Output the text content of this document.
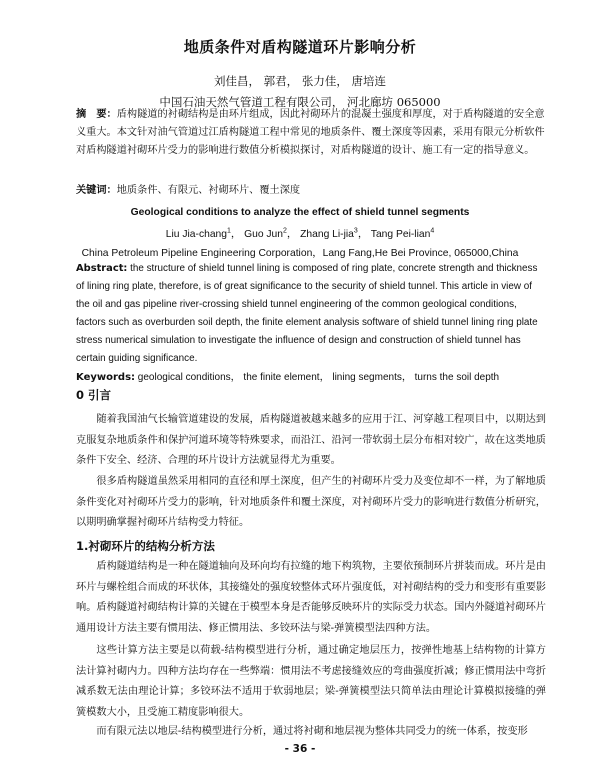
地质条件对盾构隧道环片影响分析
刘佳昌， 郭君， 张力佳， 唐培连
中国石油天然气管道工程有限公司， 河北廊坊 065000
摘　要：盾构隧道的衬砌结构是由环片组成，因此衬砌环片的混凝土强度和厚度，对于盾构隧道的安全意义重大。本文针对油气管道过江盾构隧道工程中常见的地质条件、覆土深度等因素，采用有限元分析软件对盾构隧道衬砌环片受力的影响进行数值分析模拟探讨，对盾构隧道的设计、施工有一定的指导意义。
关键词：地质条件、有限元、衬砌环片、覆土深度
Geological conditions to analyze the effect of shield tunnel segments
Liu Jia-chang$^1$， Guo Jun$^2$， Zhang Li-jia$^3$， Tang Pei-lian$^4$
China Petroleum Pipeline Engineering Corporation，Lang Fang,He Bei Province, 065000,China
Abstract: the structure of shield tunnel lining is composed of ring plate, concrete strength and thickness of lining ring plate, therefore, is of great significance to the security of shield tunnel. This article in view of the oil and gas pipeline river-crossing shield tunnel engineering of the common geological conditions, factors such as overburden soil depth, the finite element analysis software of shield tunnel lining ring plate stress numerical simulation to investigate the influence of design and construction of shield tunnel has certain guiding significance.
Keywords: geological conditions， the finite element， lining segments， turns the soil depth
0 引言
随着我国油气长输管道建设的发展，盾构隧道被越来越多的应用于江、河穿越工程项目中，以期达到克服复杂地质条件和保护河道环境等特殊要求，而沿江、沿河一带软弱土层分布相对较广，故在这类地质条件下安全、经济、合理的环片设计方法就显得尤为重要。
很多盾构隧道虽然采用相同的直径和厚土深度，但产生的衬砌环片受力及变位却不一样，为了解地质条件变化对衬砌环片受力的影响，针对地质条件和覆土深度，对衬砌环片受力的影响进行数值分析研究，以期明确掌握衬砌环片结构受力特征。
1.衬砌环片的结构分析方法
盾构隧道结构是一种在隧道轴向及环向均有拉缝的地下构筑物，主要依预制环片拼装而成。环片是由环片与螺栓组合而成的环状体，其接缝处的强度较整体式环片强度低，对衬砌结构的受力和变形有重要影响。盾构隧道衬砌结构计算的关键在于模型本身是否能够反映环片的实际受力状态。国内外隧道衬砌环片通用设计方法主要有惯用法、修正惯用法、多铰环法与梁-弹簧模型法四种方法。
这些计算方法主要是以荷载-结构模型进行分析，通过确定地层压力，按弹性地基上结构物的计算方法计算衬砌内力。四种方法均存在一些弊端：惯用法不考虑接缝效应的弯曲强度折减；修正惯用法中弯折减系数无法由理论计算；多铰环法不适用于软弱地层；梁-弹簧模型法只简单法由理论计算模拟接缝的弹簧模数大小，且受施工精度影响很大。
而有限元法以地层-结构模型进行分析，通过将衬砌和地层视为整体共同受力的统一体系，按变形
- 36 -
